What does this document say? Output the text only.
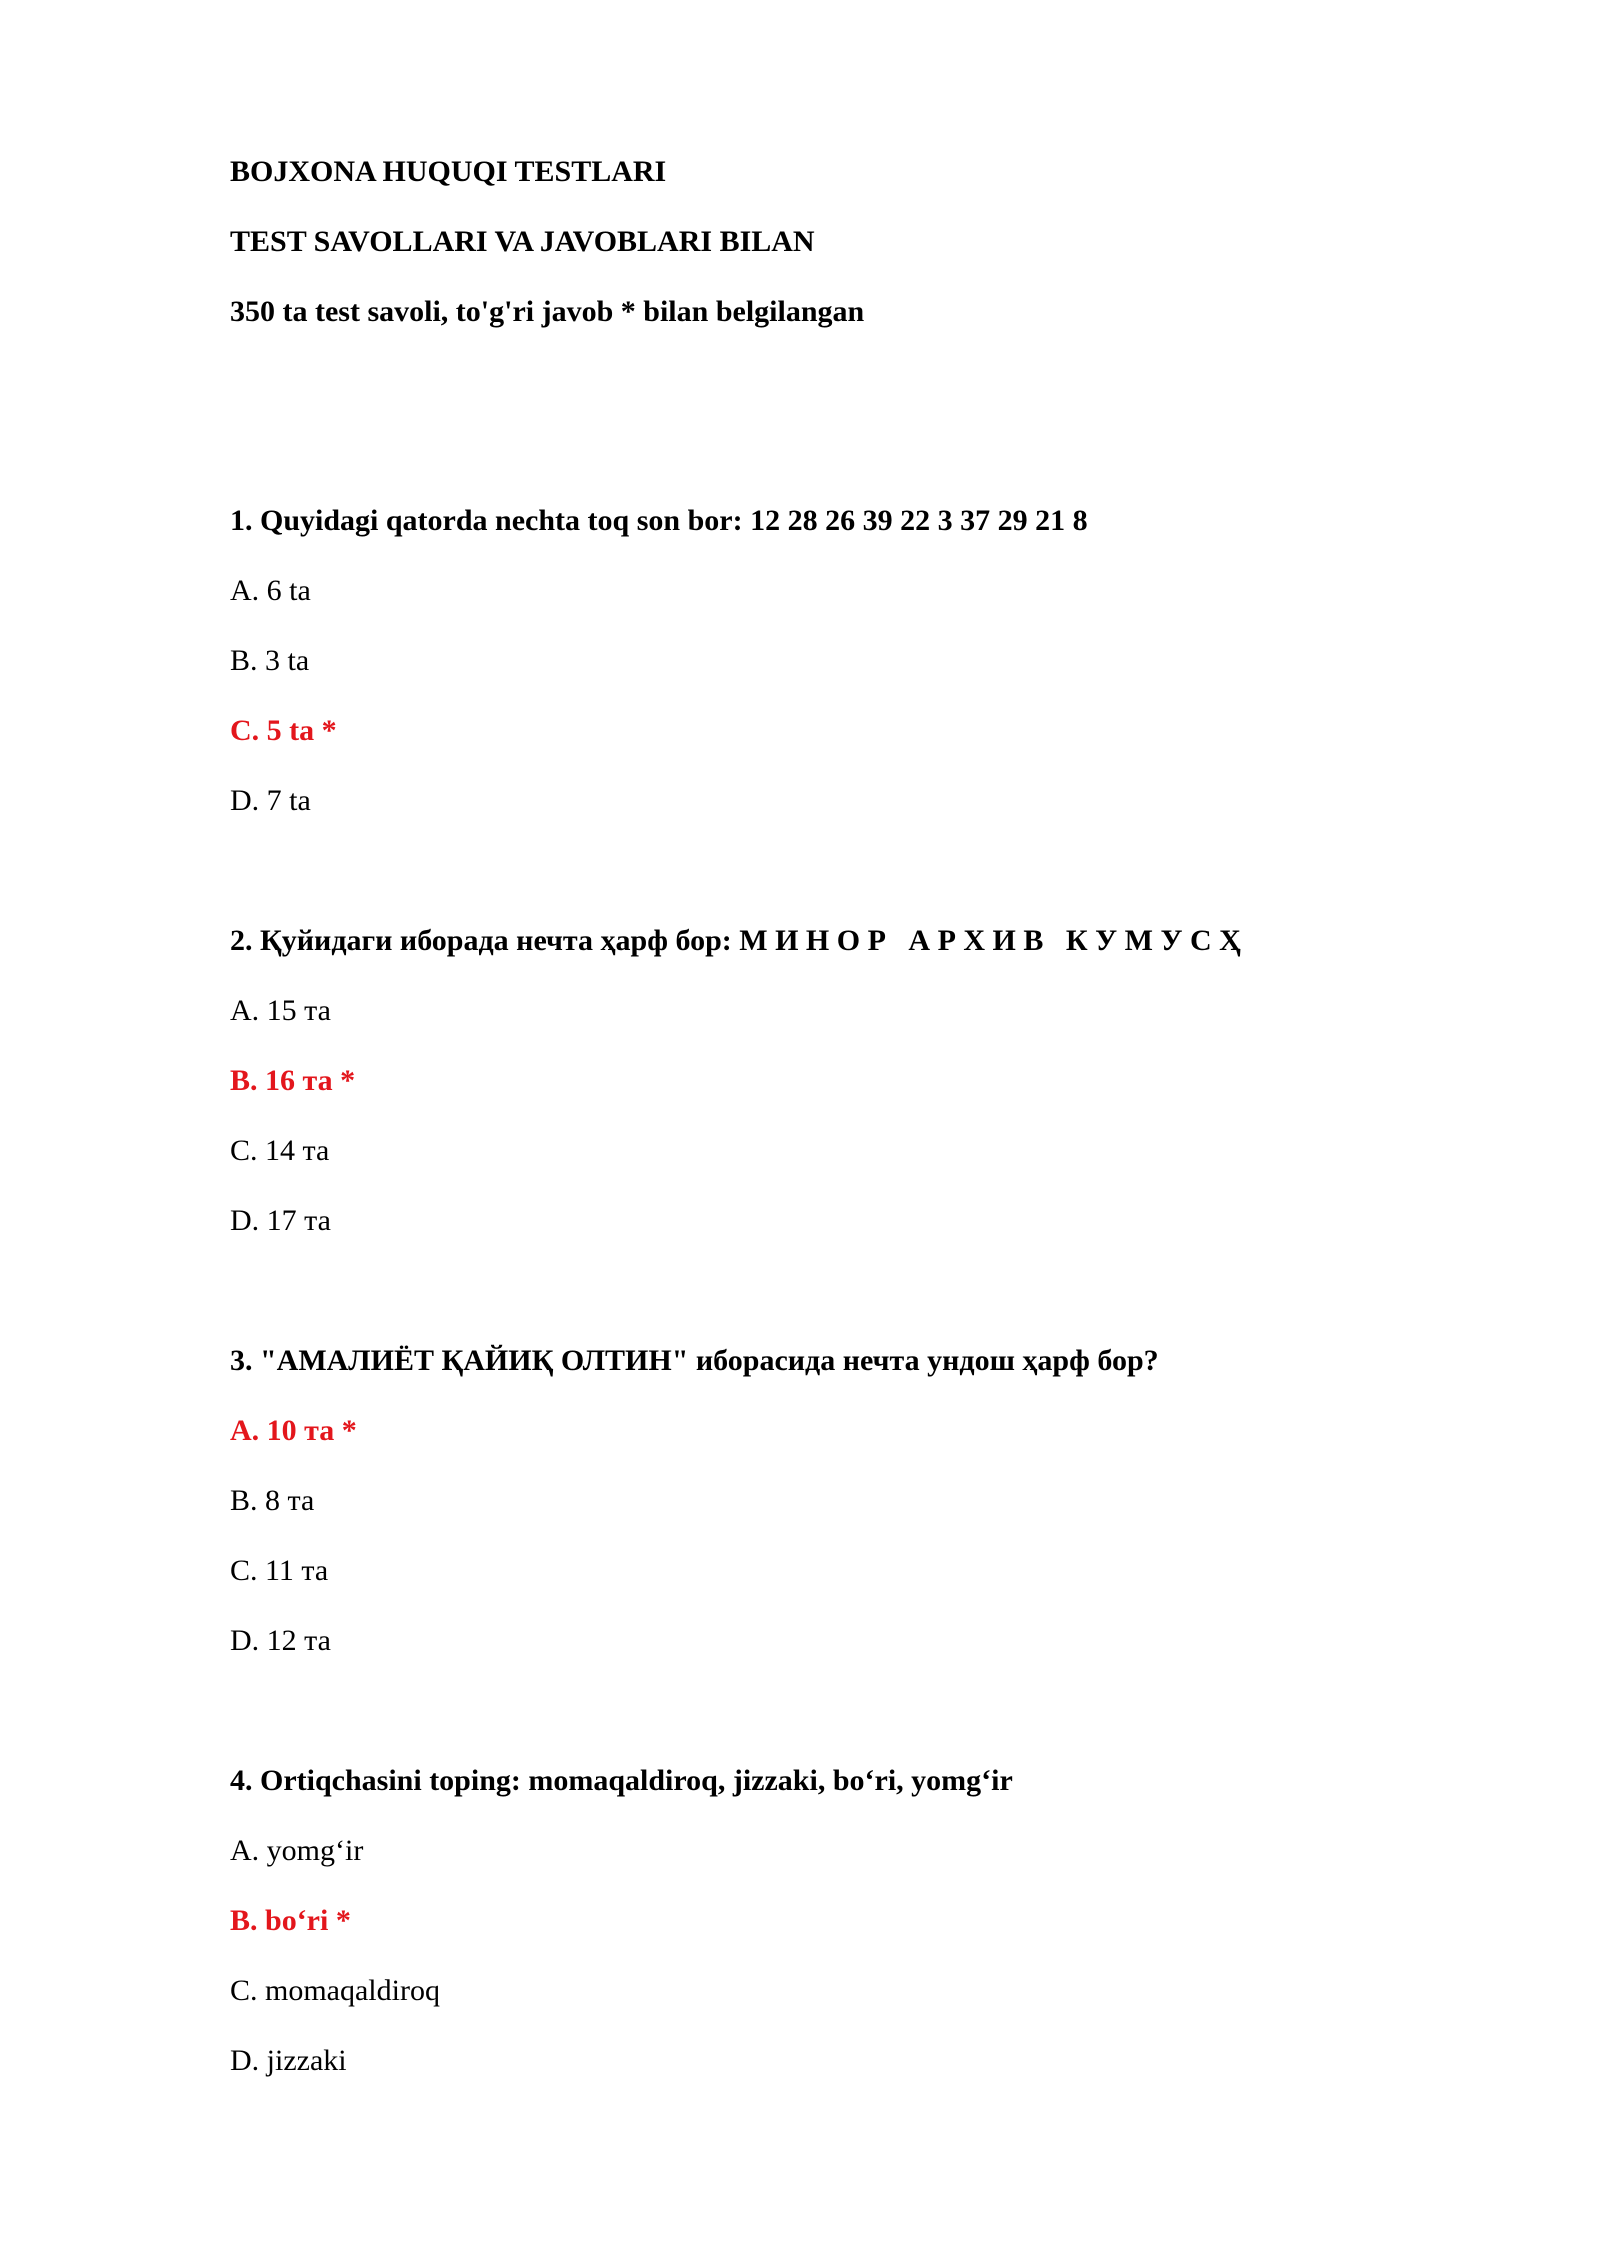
BOJXONA HUQUQI TESTLARI
TEST SAVOLLARI VA JAVOBLARI BILAN
350 ta test savoli, to'g'ri javob * bilan belgilangan
1. Quyidagi qatorda nechta toq son bor: 12 28 26 39 22 3 37 29 21 8
A. 6 ta
B. 3 ta
C. 5 ta *
D. 7 ta
2. Қуйидаги иборада нечта ҳарф бор: М И Н О Р   А Р Х И В   К У М У С Ҳ
A. 15 та
B. 16 та *
C. 14 та
D. 17 та
3. "АМАЛИЁТ ҚАЙИҚ ОЛТИН" иборасида нечта ундош ҳарф бор?
A. 10 та *
B. 8 та
C. 11 та
D. 12 та
4. Ortiqchasini toping: momaqaldiroq, jizzaki, bo‘ri, yomg‘ir
A. yomg‘ir
B. bo‘ri *
C. momaqaldiroq
D. jizzaki
